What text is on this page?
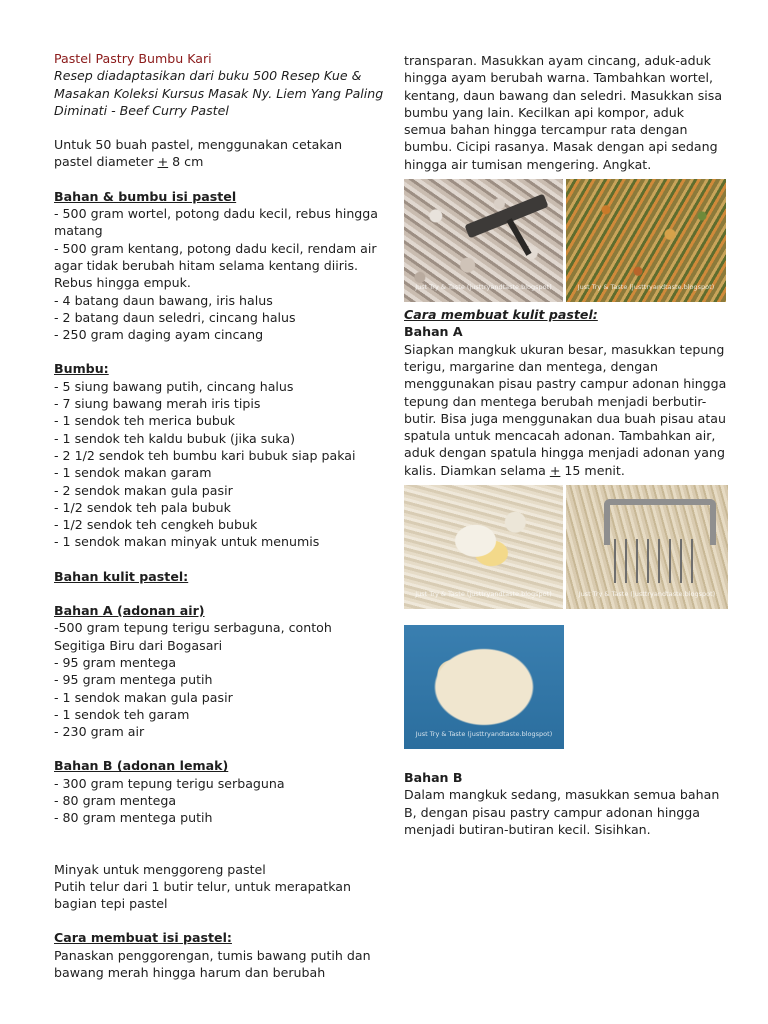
Pastel Pastry Bumbu Kari

Resep diadaptasikan dari buku 500 Resep Kue & Masakan Koleksi Kursus Masak Ny. Liem Yang Paling Diminati - Beef Curry Pastel

Untuk 50 buah pastel, menggunakan cetakan pastel diameter + 8 cm

Bahan & bumbu isi pastel

- 500 gram wortel, potong dadu kecil, rebus hingga matang

- 500 gram kentang, potong dadu kecil, rendam air agar tidak berubah hitam selama kentang diiris. Rebus hingga empuk.

- 4 batang daun bawang, iris halus

- 2 batang daun seledri, cincang halus

- 250 gram daging ayam cincang

Bumbu:

- 5 siung bawang putih, cincang halus

- 7 siung bawang merah iris tipis

- 1 sendok teh merica bubuk

- 1 sendok teh kaldu bubuk (jika suka)

- 2 1/2 sendok teh bumbu kari bubuk siap pakai

- 1 sendok makan garam

- 2 sendok makan gula pasir

- 1/2 sendok teh pala bubuk

- 1/2 sendok teh cengkeh bubuk

- 1 sendok makan minyak untuk menumis

Bahan kulit pastel:

Bahan A (adonan air)

-500 gram tepung terigu serbaguna, contoh Segitiga Biru dari Bogasari

- 95 gram mentega

- 95 gram mentega putih

- 1 sendok makan gula pasir

- 1 sendok teh garam

- 230 gram air

Bahan B (adonan lemak)

- 300 gram tepung terigu serbaguna

- 80 gram mentega

- 80 gram mentega putih

Minyak untuk menggoreng pastel

Putih telur dari 1 butir telur, untuk merapatkan bagian tepi pastel

Cara membuat isi pastel:

Panaskan penggorengan, tumis bawang putih dan bawang merah hingga harum dan berubah

transparan. Masukkan ayam cincang, aduk-aduk hingga ayam berubah warna. Tambahkan wortel, kentang, daun bawang dan seledri. Masukkan sisa bumbu yang lain. Kecilkan api kompor, aduk semua bahan hingga tercampur rata dengan bumbu. Cicipi rasanya. Masak dengan api sedang hingga air tumisan mengering. Angkat.

Just Try & Taste (justtryandtaste.blogspot)	Just Try & Taste (justtryandtaste.blogspot)

Cara membuat kulit pastel:

Bahan A

Siapkan mangkuk ukuran besar, masukkan tepung terigu, margarine dan mentega, dengan menggunakan pisau pastry campur adonan hingga tepung dan mentega berubah menjadi berbutir-butir. Bisa juga menggunakan dua buah pisau atau spatula untuk mencacah adonan. Tambahkan air, aduk dengan spatula hingga menjadi adonan yang kalis. Diamkan selama + 15 menit.

Just Try & Taste (justtryandtaste.blogspot)	Just Try & Taste (justtryandtaste.blogspot)
Just Try & Taste (justtryandtaste.blogspot)

Bahan B

Dalam mangkuk sedang, masukkan semua bahan B, dengan pisau pastry campur adonan hingga menjadi butiran-butiran kecil. Sisihkan.
